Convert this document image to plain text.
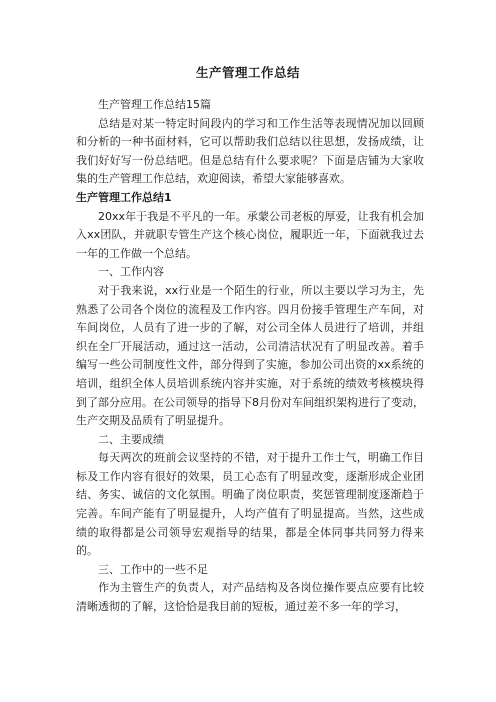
生产管理工作总结

生产管理工作总结15篇

总结是对某一特定时间段内的学习和工作生活等表现情况加以回顾和分析的一种书面材料，它可以帮助我们总结以往思想，发扬成绩，让我们好好写一份总结吧。但是总结有什么要求呢？下面是店铺为大家收集的生产管理工作总结，欢迎阅读，希望大家能够喜欢。

生产管理工作总结1

20xx年于我是不平凡的一年。承蒙公司老板的厚爱，让我有机会加入xx团队，并就职专管生产这个核心岗位，履职近一年，下面就我过去一年的工作做一个总结。

一、工作内容

对于我来说，xx行业是一个陌生的行业，所以主要以学习为主，先熟悉了公司各个岗位的流程及工作内容。四月份接手管理生产车间，对车间岗位，人员有了进一步的了解，对公司全体人员进行了培训，并组织在全厂开展活动，通过这一活动，公司清洁状况有了明显改善。着手编写一些公司制度性文件，部分得到了实施，参加公司出资的xx系统的培训，组织全体人员培训系统内容并实施，对于系统的绩效考核模块得到了部分应用。在公司领导的指导下8月份对车间组织架构进行了变动，生产交期及品质有了明显提升。

二、主要成绩

每天两次的班前会议坚持的不错，对于提升工作士气，明确工作目标及工作内容有很好的效果，员工心态有了明显改变，逐渐形成企业团结、务实、诚信的文化氛围。明确了岗位职责，奖惩管理制度逐渐趋于完善。车间产能有了明显提升，人均产值有了明显提高。当然，这些成绩的取得都是公司领导宏观指导的结果，都是全体同事共同努力得来的。

三、工作中的一些不足

作为主管生产的负责人，对产品结构及各岗位操作要点应要有比较清晰透彻的了解，这恰恰是我目前的短板，通过差不多一年的学习，
